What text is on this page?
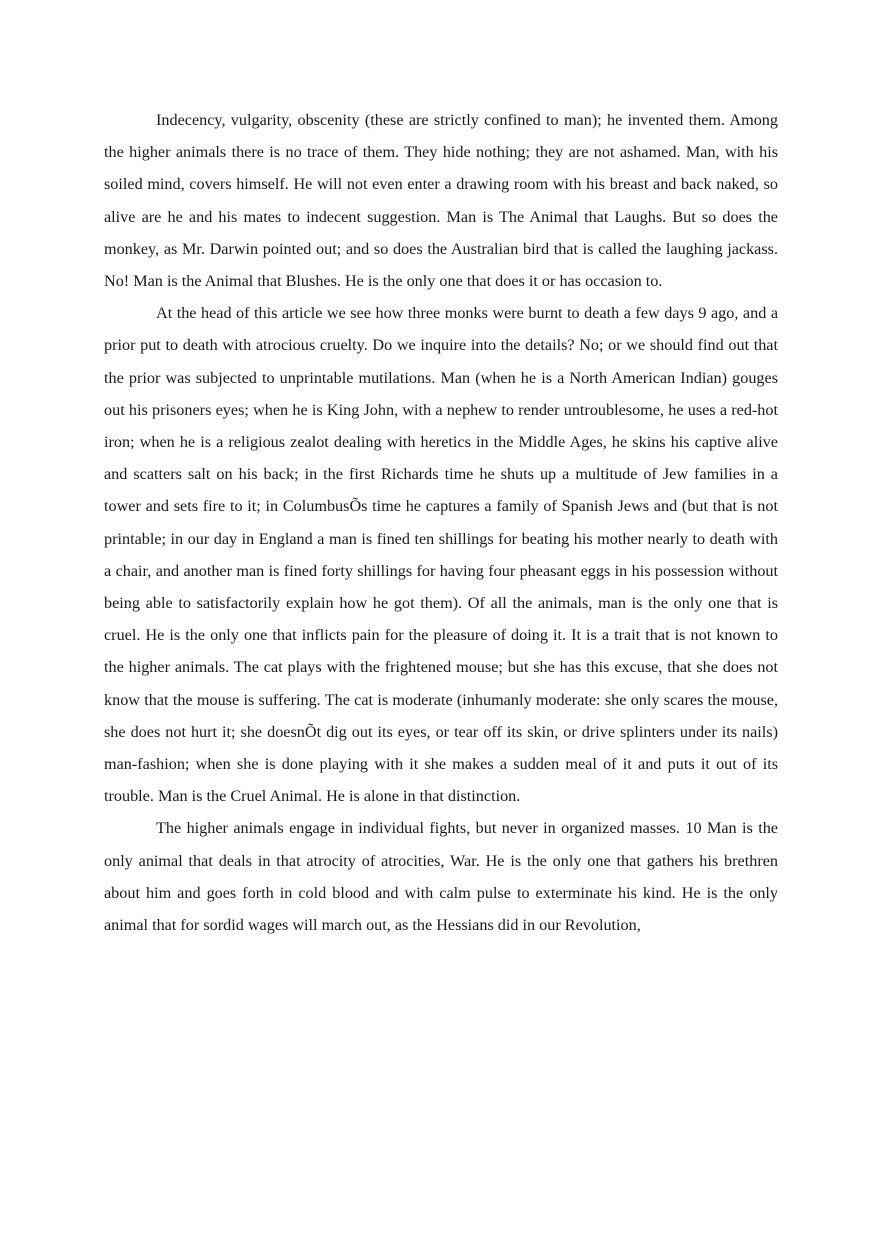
Indecency, vulgarity, obscenity (these are strictly confined to man); he invented them. Among the higher animals there is no trace of them. They hide nothing; they are not ashamed. Man, with his soiled mind, covers himself. He will not even enter a drawing room with his breast and back naked, so alive are he and his mates to indecent suggestion. Man is The Animal that Laughs. But so does the monkey, as Mr. Darwin pointed out; and so does the Australian bird that is called the laughing jackass. No! Man is the Animal that Blushes. He is the only one that does it or has occasion to.

At the head of this article we see how three monks were burnt to death a few days 9 ago, and a prior put to death with atrocious cruelty. Do we inquire into the details? No; or we should find out that the prior was subjected to unprintable mutilations. Man (when he is a North American Indian) gouges out his prisoners eyes; when he is King John, with a nephew to render untroublesome, he uses a red-hot iron; when he is a religious zealot dealing with heretics in the Middle Ages, he skins his captive alive and scatters salt on his back; in the first Richards time he shuts up a multitude of Jew families in a tower and sets fire to it; in ColumbusÕs time he captures a family of Spanish Jews and (but that is not printable; in our day in England a man is fined ten shillings for beating his mother nearly to death with a chair, and another man is fined forty shillings for having four pheasant eggs in his possession without being able to satisfactorily explain how he got them). Of all the animals, man is the only one that is cruel. He is the only one that inflicts pain for the pleasure of doing it. It is a trait that is not known to the higher animals. The cat plays with the frightened mouse; but she has this excuse, that she does not know that the mouse is suffering. The cat is moderate (inhumanly moderate: she only scares the mouse, she does not hurt it; she doesnÕt dig out its eyes, or tear off its skin, or drive splinters under its nails) man-fashion; when she is done playing with it she makes a sudden meal of it and puts it out of its trouble. Man is the Cruel Animal. He is alone in that distinction.

The higher animals engage in individual fights, but never in organized masses. 10 Man is the only animal that deals in that atrocity of atrocities, War. He is the only one that gathers his brethren about him and goes forth in cold blood and with calm pulse to exterminate his kind. He is the only animal that for sordid wages will march out, as the Hessians did in our Revolution,
